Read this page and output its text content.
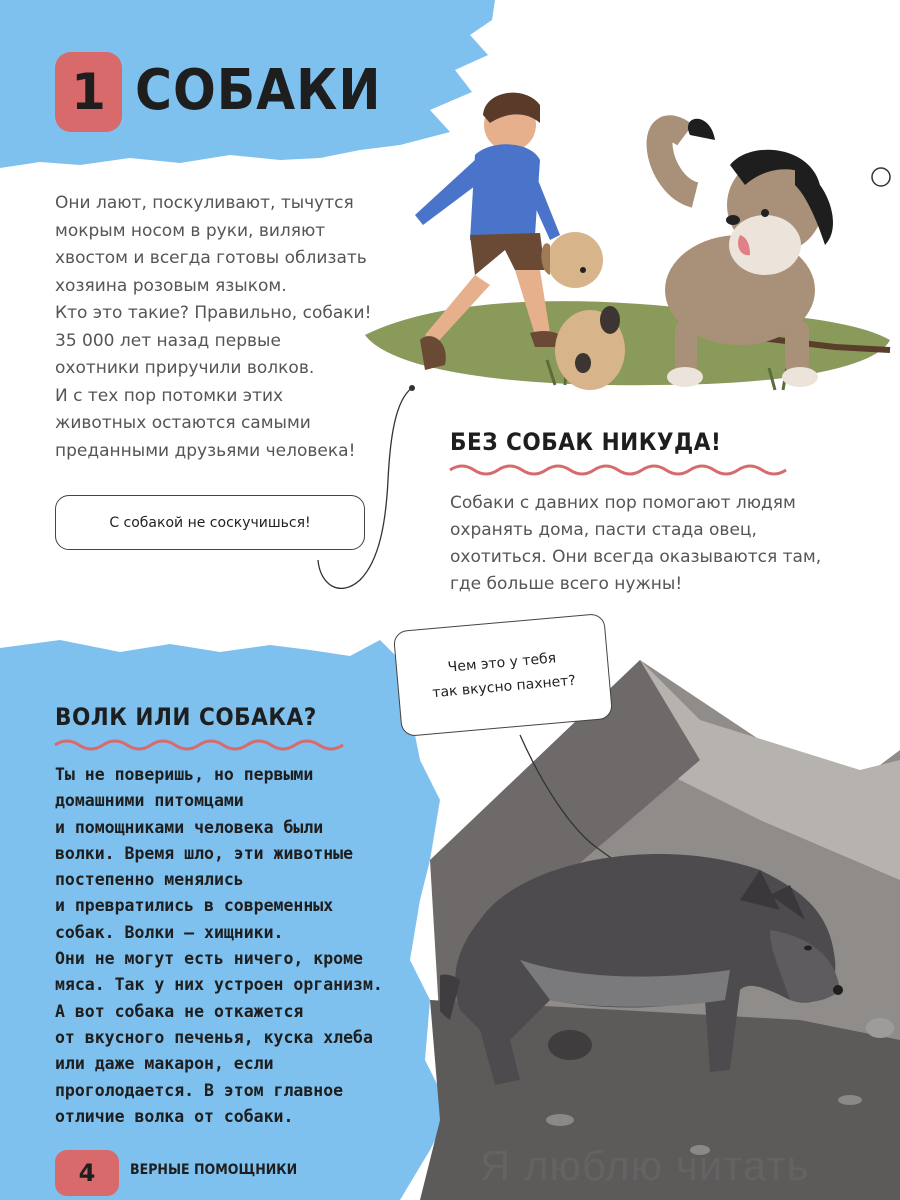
1 СОБАКИ
Они лают, поскуливают, тычутся
мокрым носом в руки, виляют
хвостом и всегда готовы облизать
хозяина розовым языком.
Кто это такие? Правильно, собаки!
35 000 лет назад первые
охотники приручили волков.
И с тех пор потомки этих
животных остаются самыми
преданными друзьями человека!
С собакой не соскучишься!
БЕЗ СОБАК НИКУДА!
Собаки с давних пор помогают людям
охранять дома, пасти стада овец,
охотиться. Они всегда оказываются там,
где больше всего нужны!
Чем это у тебя
так вкусно пахнет?
ВОЛК ИЛИ СОБАКА?
Ты не поверишь, но первыми
домашними питомцами
и помощниками человека были
волки. Время шло, эти животные
постепенно менялись
и превратились в современных
собак. Волки – хищники.
Они не могут есть ничего, кроме
мяса. Так у них устроен организм.
А вот собака не откажется
от вкусного печенья, куска хлеба
или даже макарон, если
проголодается. В этом главное
отличие волка от собаки.
4	ВЕРНЫЕ ПОМОЩНИКИ	Я люблю читать
